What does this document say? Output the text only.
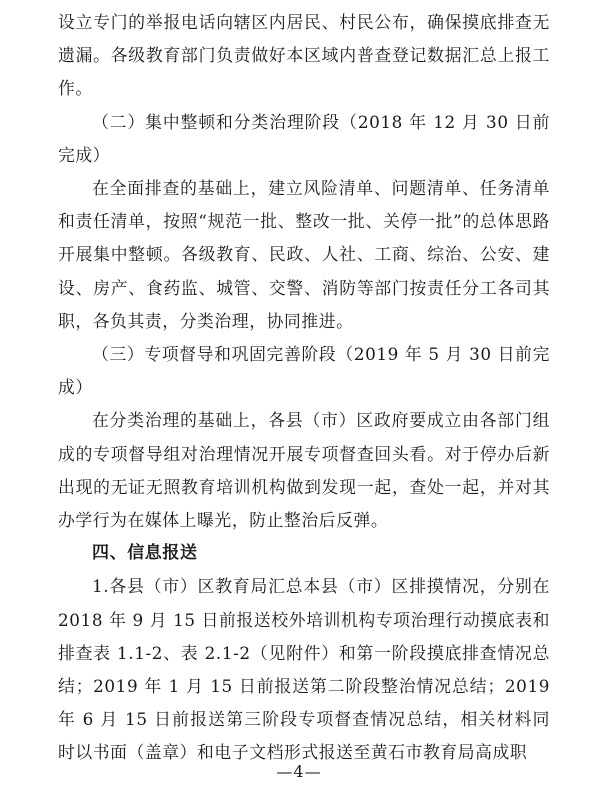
设立专门的举报电话向辖区内居民、村民公布，确保摸底排查无遗漏。各级教育部门负责做好本区域内普查登记数据汇总上报工作。

（二）集中整顿和分类治理阶段（2018 年 12 月 30 日前完成）

在全面排查的基础上，建立风险清单、问题清单、任务清单和责任清单，按照“规范一批、整改一批、关停一批”的总体思路开展集中整顿。各级教育、民政、人社、工商、综治、公安、建设、房产、食药监、城管、交警、消防等部门按责任分工各司其职，各负其责，分类治理，协同推进。

（三）专项督导和巩固完善阶段（2019 年 5 月 30 日前完成）

在分类治理的基础上，各县（市）区政府要成立由各部门组成的专项督导组对治理情况开展专项督查回头看。对于停办后新出现的无证无照教育培训机构做到发现一起，查处一起，并对其办学行为在媒体上曝光，防止整治后反弹。

四、信息报送

1.各县（市）区教育局汇总本县（市）区排摸情况，分别在 2018 年 9 月 15 日前报送校外培训机构专项治理行动摸底表和排查表 1.1-2、表 2.1-2（见附件）和第一阶段摸底排查情况总结；2019 年 1 月 15 日前报送第二阶段整治情况总结；2019 年 6 月 15 日前报送第三阶段专项督查情况总结，相关材料同时以书面（盖章）和电子文档形式报送至黄石市教育局高成职

—4—
